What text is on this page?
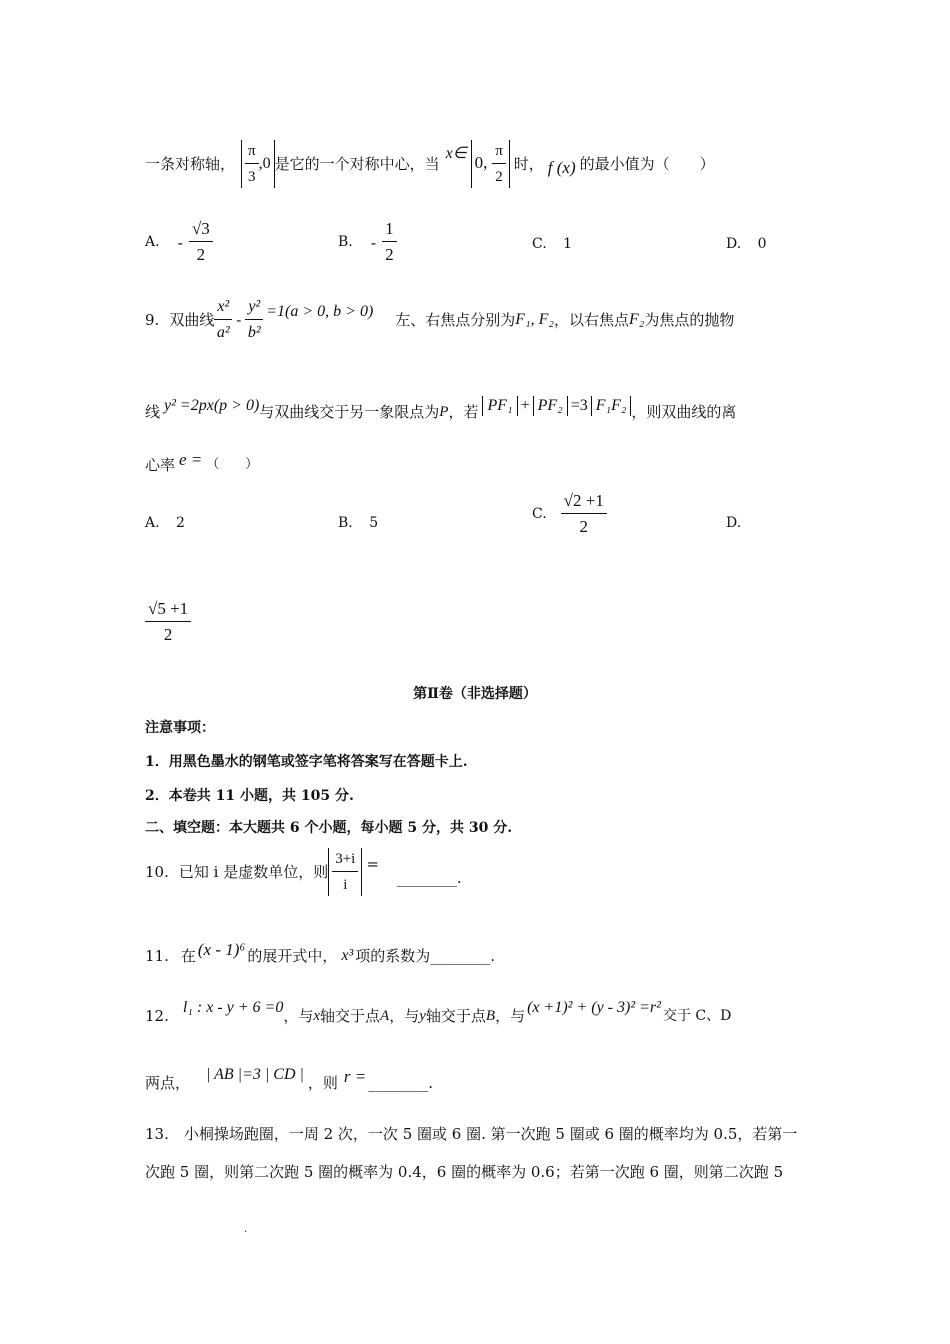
一条对称轴， $\frac{\pi}{3} ,0$ 是它的一个对称中心，当
x∈ 0, $\frac{\pi}{2}$ 时， f (x) 的最小值为（　　）
A. - $\frac{√3}{2}$	B. - $\frac{1}{2}$	C. 1	D. 0
9. 双曲线 $\frac{\text{x²}}{\text{a²}} - \frac{\text{y²}}{\text{b²}} =1(a > 0$, b > 0) 左、右焦点分别为 F₁, F₂ ，以右焦点 F₂ 为焦点的抛物
线 y² =2px(p > 0) 与双曲线交于另一象限点为 P ，若 PF₁ + PF₂ =3 F₁F₂ ，则双曲线的离
心率 e = （　　）
A. 2	B. 5
C. $\frac{√2 +1}{2}$	D.
$\frac{√5 +1}{2}$
第Ⅱ卷（非选择题）
注意事项：
1．用黑色墨水的钢笔或签字笔将答案写在答题卡上.
2．本卷共 11 小题，共 105 分.
二、填空题：本大题共 6 个小题，每小题 5 分，共 30 分.
10. 已知 i 是虚数单位，则 $\frac{3+i}{i}$ =
________.
11. 在 (x - 1)⁶ 的展开式中， x³ 项的系数为________.
12. l₁ : x - y + 6 =0 ，与 x 轴交于点 A ，与 y 轴交于点 B ，与 (x +1)² + (y - 3)² =r² 交于 C、D
两点， | AB |=3 | CD | ，则 r = ________.
13.　小桐操场跑圈，一周 2 次，一次 5 圈或 6 圈. 第一次跑 5 圈或 6 圈的概率均为 0.5，若第一
次跑 5 圈，则第二次跑 5 圈的概率为 0.4，6 圈的概率为 0.6；若第一次跑 6 圈，则第二次跑 5
.
